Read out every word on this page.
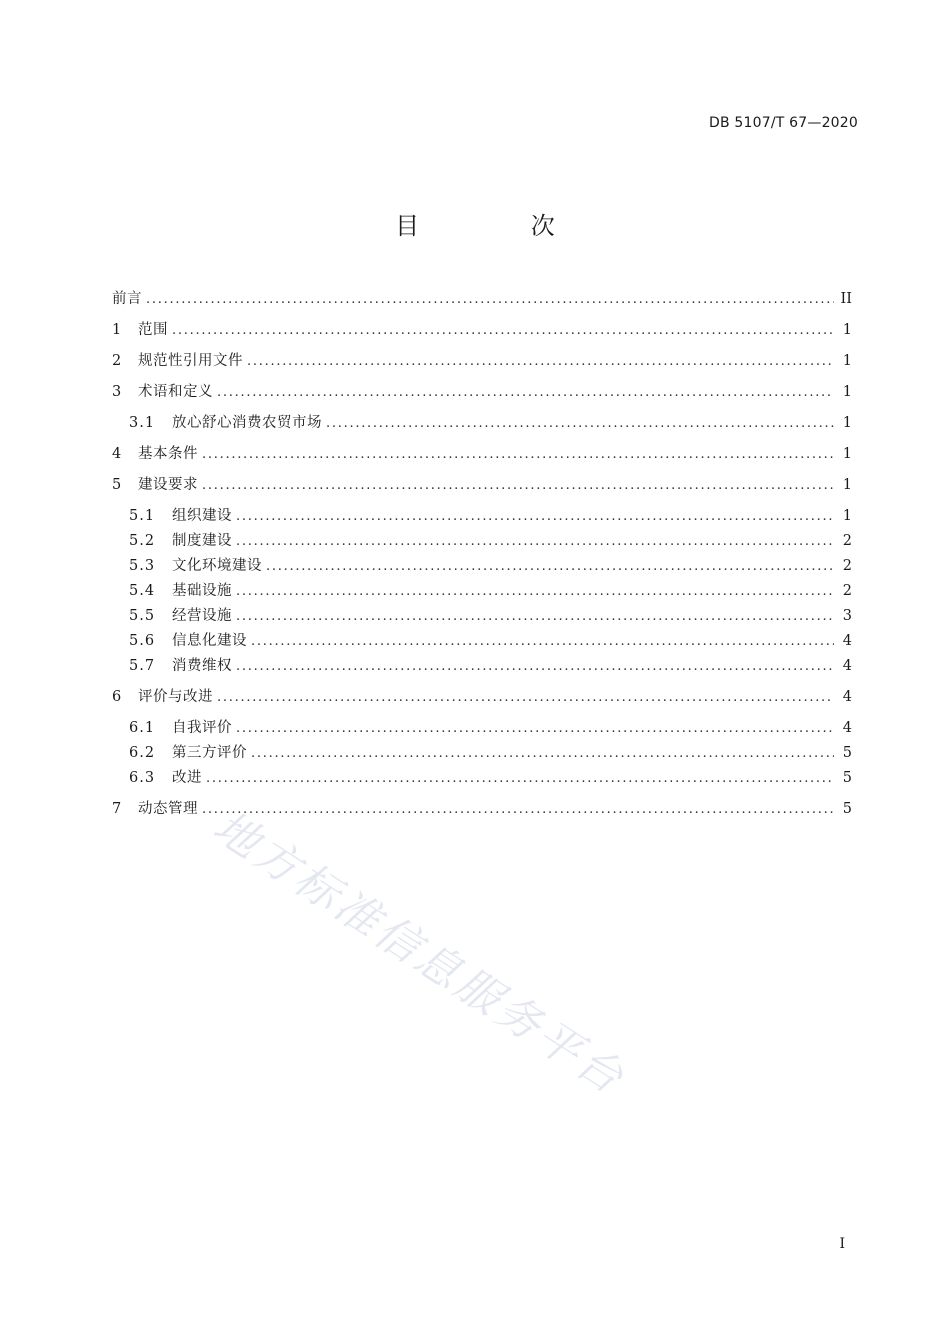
DB 5107/T 67—2020
目 次
前言 . . .	II
1	范围 . . .	1
2	规范性引用文件 . . .	1
3	术语和定义 . . .	1
3.1	放心舒心消费农贸市场 . . .	1
4	基本条件 . . .	1
5	建设要求 . . .	1
5.1	组织建设 . . .	1
5.2	制度建设 . . .	2
5.3	文化环境建设 . . .	2
5.4	基础设施 . . .	2
5.5	经营设施 . . .	3
5.6	信息化建设 . . .	4
5.7	消费维权 . . .	4
6	评价与改进 . . .	4
6.1	自我评价 . . .	4
6.2	第三方评价 . . .	5
6.3	改进 . . .	5
7	动态管理 . . .	5
地方标准信息服务平台
I
